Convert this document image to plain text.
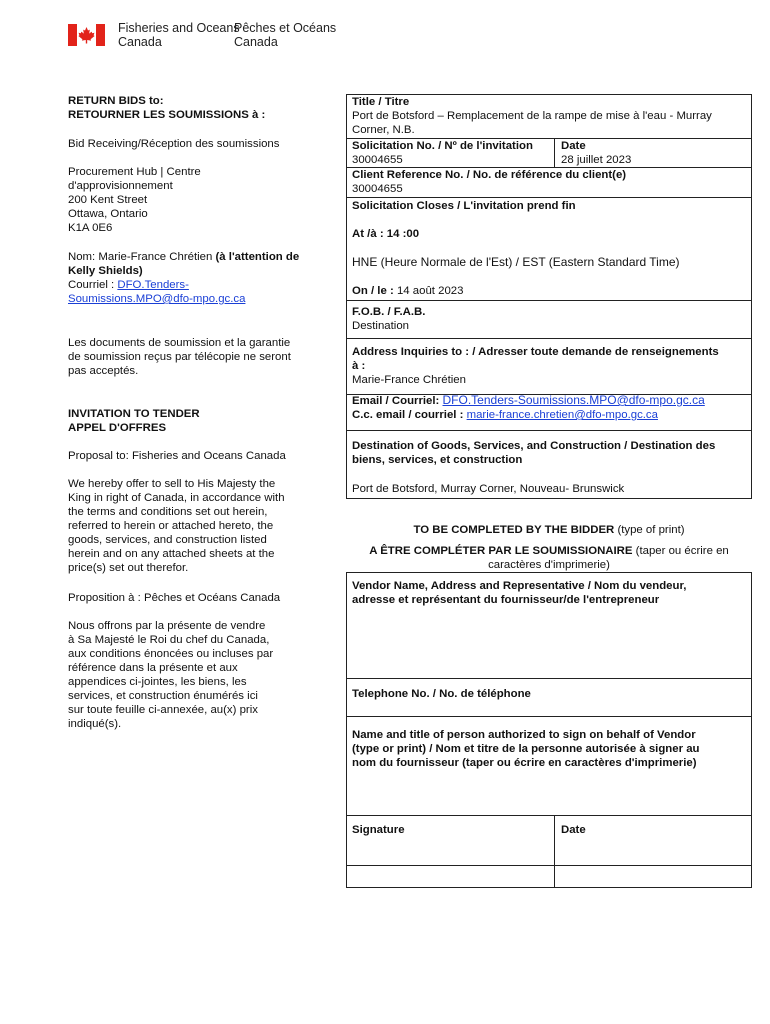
Fisheries and Oceans
Canada
Pêches et Océans
Canada

RETURN BIDS to:

RETOURNER LES SOUMISSIONS à :

Bid Receiving/Réception des soumissions

Procurement Hub | Centre

d'approvisionnement

200 Kent Street

Ottawa, Ontario

K1A 0E6

Nom: Marie-France Chrétien (à l'attention de

Kelly Shields)

Courriel : DFO.Tenders-

Soumissions.MPO@dfo-mpo.gc.ca

Les documents de soumission et la garantie

de soumission reçus par télécopie ne seront

pas acceptés.

INVITATION TO TENDER

APPEL D'OFFRES

Proposal to: Fisheries and Oceans Canada

We hereby offer to sell to His Majesty the

King in right of Canada, in accordance with

the terms and conditions set out herein,

referred to herein or attached hereto, the

goods, services, and construction listed

herein and on any attached sheets at the

price(s) set out therefor.

Proposition à : Pêches et Océans Canada

Nous offrons par la présente de vendre

à Sa Majesté le Roi du chef du Canada,

aux conditions énoncées ou incluses par

référence dans la présente et aux

appendices ci-jointes, les biens, les

services, et construction énumérés ici

sur toute feuille ci-annexée, au(x) prix

indiqué(s).

Title / Titre
Port de Botsford – Remplacement de la rampe de mise à l'eau - Murray
Corner, N.B.
Solicitation No. / Nº de l'invitation
30004655
Date
28 juillet 2023
Client Reference No. / No. de référence du client(e)
30004655
Solicitation Closes / L'invitation prend fin
At /à : 14 :00
HNE (Heure Normale de l'Est) / EST (Eastern Standard Time)
On / le : 14 août 2023
F.O.B. / F.A.B.
Destination
Address Inquiries to : / Adresser toute demande de renseignements
à :
Marie-France Chrétien
Email / Courriel: DFO.Tenders-Soumissions.MPO@dfo-mpo.gc.ca
C.c. email / courriel : marie-france.chretien@dfo-mpo.gc.ca
Destination of Goods, Services, and Construction / Destination des
biens, services, et construction
Port de Botsford, Murray Corner, Nouveau- Brunswick
TO BE COMPLETED BY THE BIDDER (type of print)
A ÊTRE COMPLÉTER PAR LE SOUMISSIONAIRE (taper ou écrire en
caractères d'imprimerie)
Vendor Name, Address and Representative / Nom du vendeur,
adresse et représentant du fournisseur/de l'entrepreneur
Telephone No. / No. de téléphone
Name and title of person authorized to sign on behalf of Vendor
(type or print) / Nom et titre de la personne autorisée à signer au
nom du fournisseur (taper ou écrire en caractères d'imprimerie)
Signature	Date
